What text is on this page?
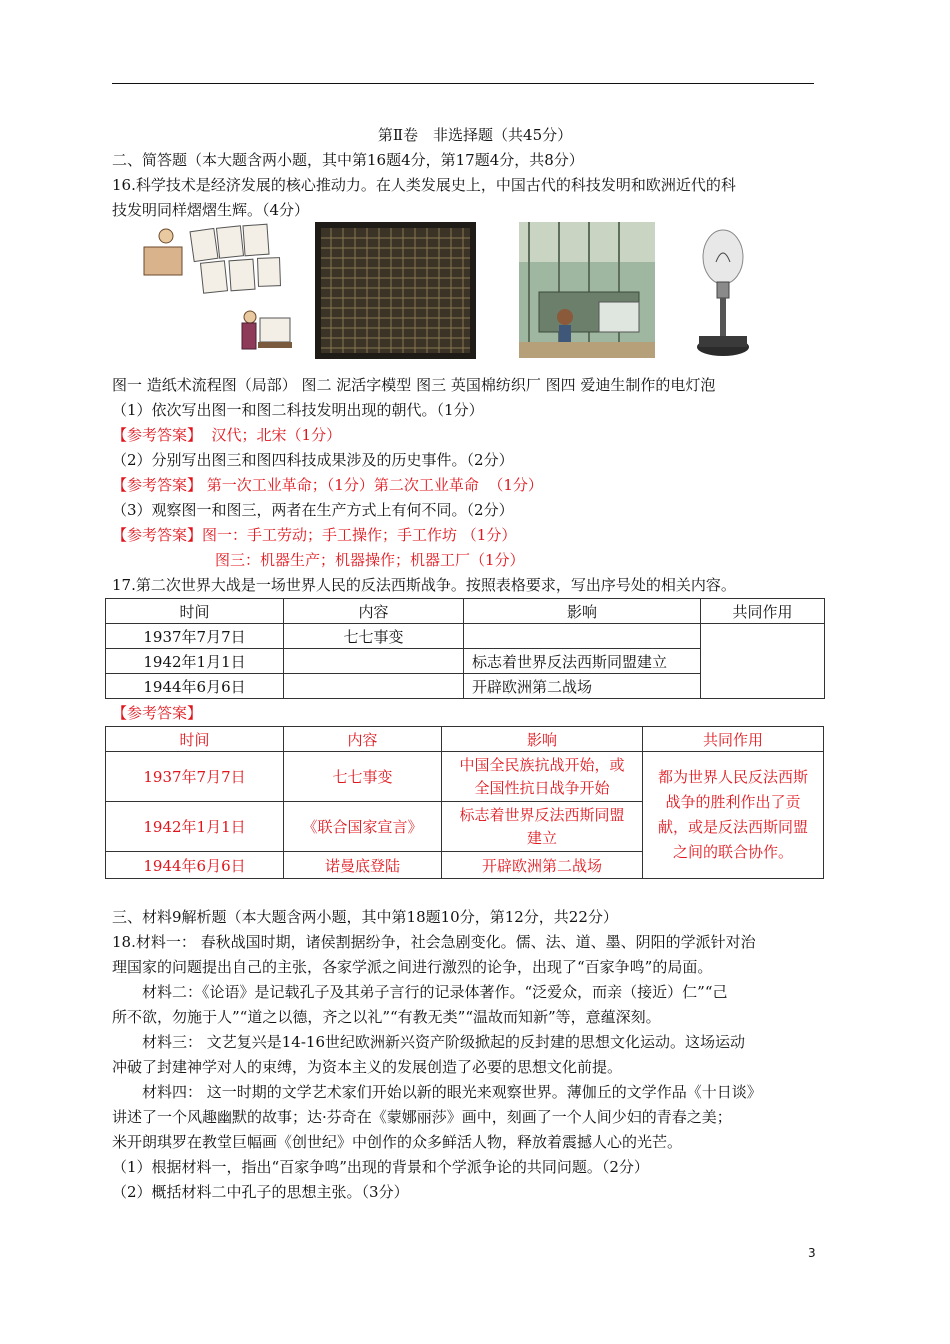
第Ⅱ卷　非选择题（共45分）
二、简答题（本大题含两小题，其中第16题4分，第17题4分，共8分）
16.科学技术是经济发展的核心推动力。在人类发展史上，中国古代的科技发明和欧洲近代的科
技发明同样熠熠生辉。（4分）
图一 造纸术流程图（局部） 图二 泥活字模型 图三 英国棉纺织厂 图四 爱迪生制作的电灯泡
（1）依次写出图一和图二科技发明出现的朝代。（1分）
【参考答案】  汉代；北宋（1分）
（2）分别写出图三和图四科技成果涉及的历史事件。（2分）
【参考答案】 第一次工业革命；（1分）第二次工业革命  （1分）
（3）观察图一和图三，两者在生产方式上有何不同。（2分）
【参考答案】图一：手工劳动；手工操作；手工作坊 （1分）
图三：机器生产；机器操作；机器工厂（1分）
17.第二次世界大战是一场世界人民的反法西斯战争。按照表格要求，写出序号处的相关内容。
时间	内容	影响	共同作用
1937年7月7日	七七事变		
1942年1月1日		标志着世界反法西斯同盟建立	
1944年6月6日		开辟欧洲第二战场	
【参考答案】
时间	内容	影响	共同作用
1937年7月7日	七七事变	中国全民族抗战开始，或全国性抗日战争开始	都为世界人民反法西斯战争的胜利作出了贡献，或是反法西斯同盟之间的联合协作。
1942年1月1日	《联合国家宣言》	标志着世界反法西斯同盟建立	
1944年6月6日	诺曼底登陆	开辟欧洲第二战场	
三、材料9解析题（本大题含两小题，其中第18题10分，第12分，共22分）
18.材料一： 春秋战国时期，诸侯割据纷争，社会急剧变化。儒、法、道、墨、阴阳的学派针对治
理国家的问题提出自己的主张，各家学派之间进行激烈的论争，出现了“百家争鸣”的局面。
材料二：《论语》是记载孔子及其弟子言行的记录体著作。“泛爱众，而亲（接近）仁”“己
所不欲，勿施于人”“道之以德，齐之以礼”“有教无类”“温故而知新”等，意蕴深刻。
材料三： 文艺复兴是14-16世纪欧洲新兴资产阶级掀起的反封建的思想文化运动。这场运动
冲破了封建神学对人的束缚，为资本主义的发展创造了必要的思想文化前提。
材料四： 这一时期的文学艺术家们开始以新的眼光来观察世界。薄伽丘的文学作品《十日谈》
讲述了一个风趣幽默的故事；达·芬奇在《蒙娜丽莎》画中，刻画了一个人间少妇的青春之美；
米开朗琪罗在教堂巨幅画《创世纪》中创作的众多鲜活人物，释放着震撼人心的光芒。
（1）根据材料一，指出“百家争鸣”出现的背景和个学派争论的共同问题。（2分）
（2）概括材料二中孔子的思想主张。（3分）
3
